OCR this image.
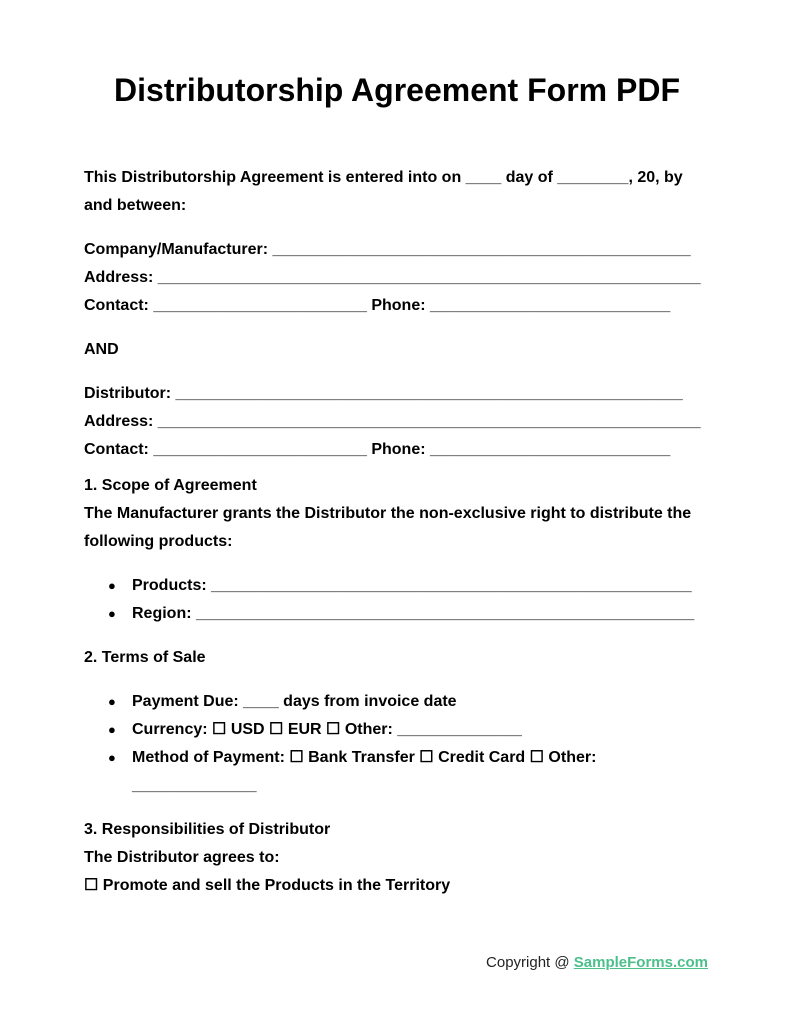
Distributorship Agreement Form PDF

This Distributorship Agreement is entered into on ____ day of ________, 20, by and between:

Company/Manufacturer: _______________________________________________

Address: _____________________________________________________________

Contact: ________________________ Phone: ___________________________

AND

Distributor: _________________________________________________________

Address: _____________________________________________________________

Contact: ________________________ Phone: ___________________________

1. Scope of Agreement

The Manufacturer grants the Distributor the non-exclusive right to distribute the following products:

● Products: ______________________________________________________
● Region: ________________________________________________________

2. Terms of Sale

● Payment Due: ____ days from invoice date
● Currency: ☐ USD ☐ EUR ☐ Other: ______________
● Method of Payment: ☐ Bank Transfer ☐ Credit Card ☐ Other: ______________

3. Responsibilities of Distributor

The Distributor agrees to:

☐ Promote and sell the Products in the Territory

Copyright @ SampleForms.com
